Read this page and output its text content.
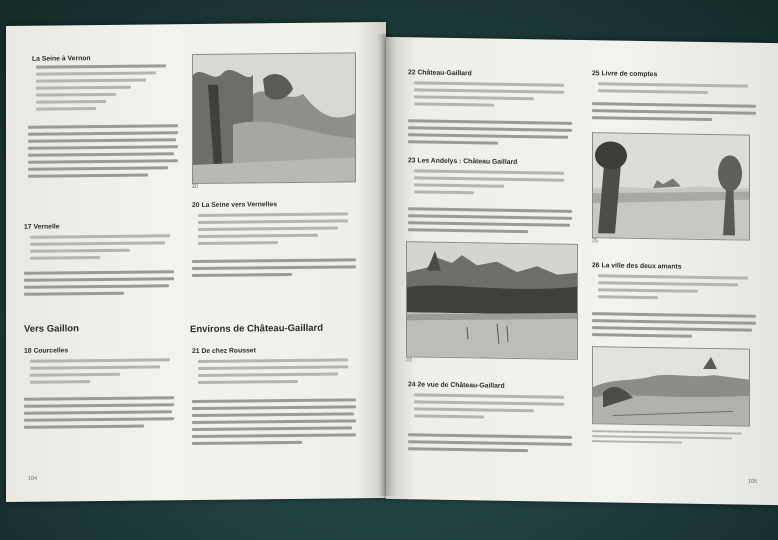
La Seine à Vernon
17 Vernelle
Vers Gaillon
18 Courcelles
20
20 La Seine vers Vernelles
Environs de Château-Gaillard
21 De chez Rousset
104
22 Château-Gaillard
23 Les Andelys : Château Gaillard
22
24 2e vue de Château-Gaillard
25 Livre de comptes
25
26 La ville des deux amants
105
